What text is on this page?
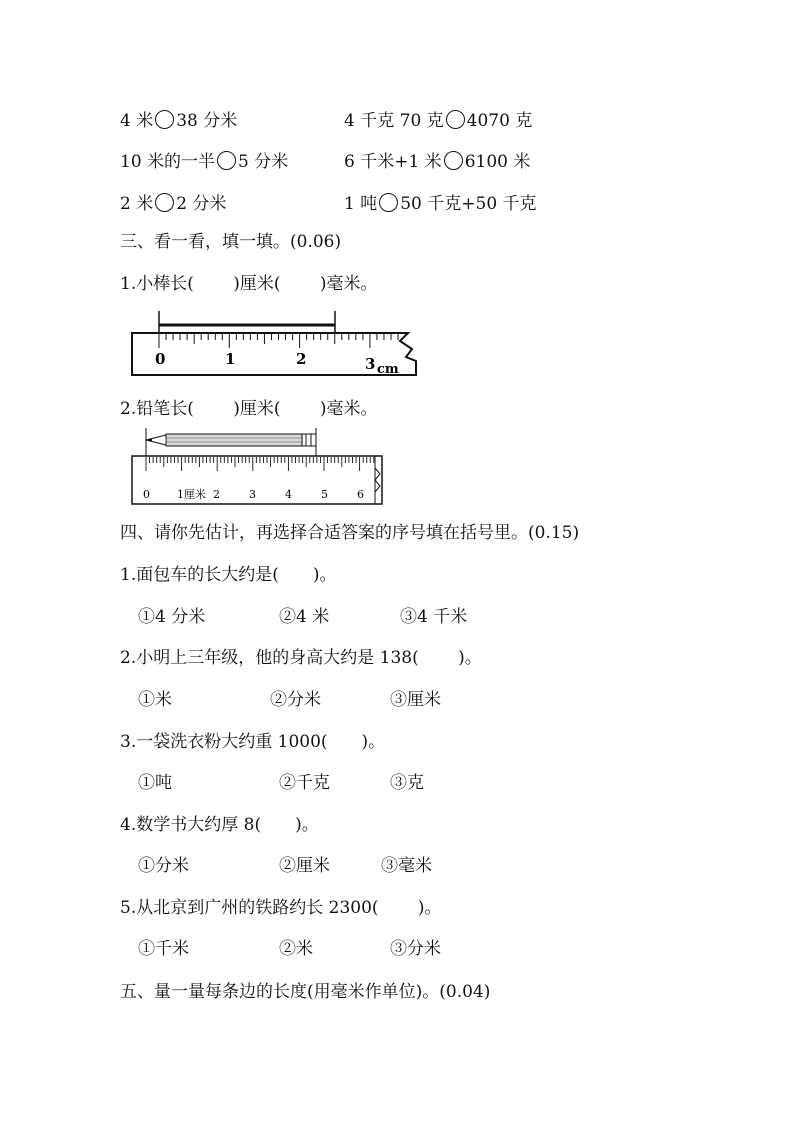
4 米 38 分米	4 千克 70 克 4070 克
10 米的一半 5 分米	6 千米+1 米 6100 米
2 米 2 分米	1 吨 50 千克+50 千克
三、看一看，填一填。(0.06)
1.小棒长(　　 )厘米(　　 )毫米。
0	1	2	3 cm
2.铅笔长(　　 )厘米(　　 )毫米。
0 1厘米 2	3	4	5	6
四、请你先估计，再选择合适答案的序号填在括号里。(0.15)
1.面包车的长大约是(　　)。
①4 分米	②4 米	③4 千米
2.小明上三年级，他的身高大约是 138(　　 )。
①米	②分米	③厘米
3.一袋洗衣粉大约重 1000(　　)。
①吨	②千克	③克
4.数学书大约厚 8(　　)。
①分米	②厘米	③毫米
5.从北京到广州的铁路约长 2300(　　 )。
①千米	②米	③分米
五、量一量每条边的长度(用毫米作单位)。(0.04)
